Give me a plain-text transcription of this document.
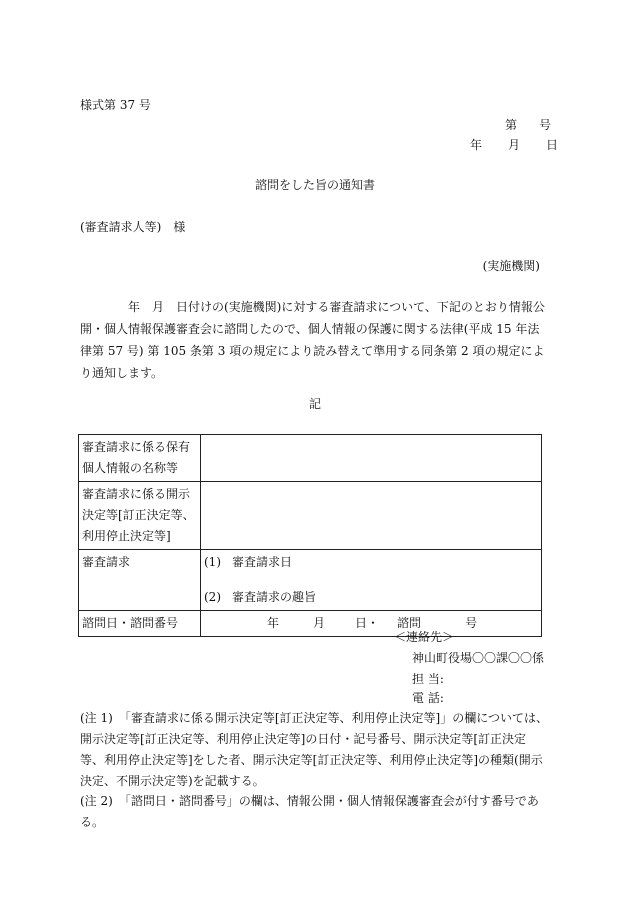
様式第 37 号
第 号
年 月 日
諮問をした旨の通知書
(審査請求人等) 様
(実施機関)
年　月　日付けの(実施機関)に対する審査請求について、下記のとおり情報公開・個人情報保護審査会に諮問したので、個人情報の保護に関する法律(平成 15 年法律第 57 号) 第 105 条第 3 項の規定により読み替えて準用する同条第 2 項の規定により通知します。
記
審査請求に係る保有個人情報の名称等	
審査請求に係る開示決定等[訂正決定等、利用停止決定等]	
審査請求	(1) 審査請求日
(2) 審査請求の趣旨

諮問日・諮問番号	年 月 日・ 諮問 号
＜連絡先＞
神山町役場〇〇課〇〇係
担 当:
電 話:
(注 1)　 「審査請求に係る開示決定等[訂正決定等、利用停止決定等]」の欄については、開示決定等[訂正決定等、利用停止決定等]の日付・記号番号、開示決定等[訂正決定等、利用停止決定等]をした者、開示決定等[訂正決定等、利用停止決定等]の種類(開示決定、不開示決定等)を記載する。
(注 2)　 「諮問日・諮問番号」の欄は、情報公開・個人情報保護審査会が付す番号である。
